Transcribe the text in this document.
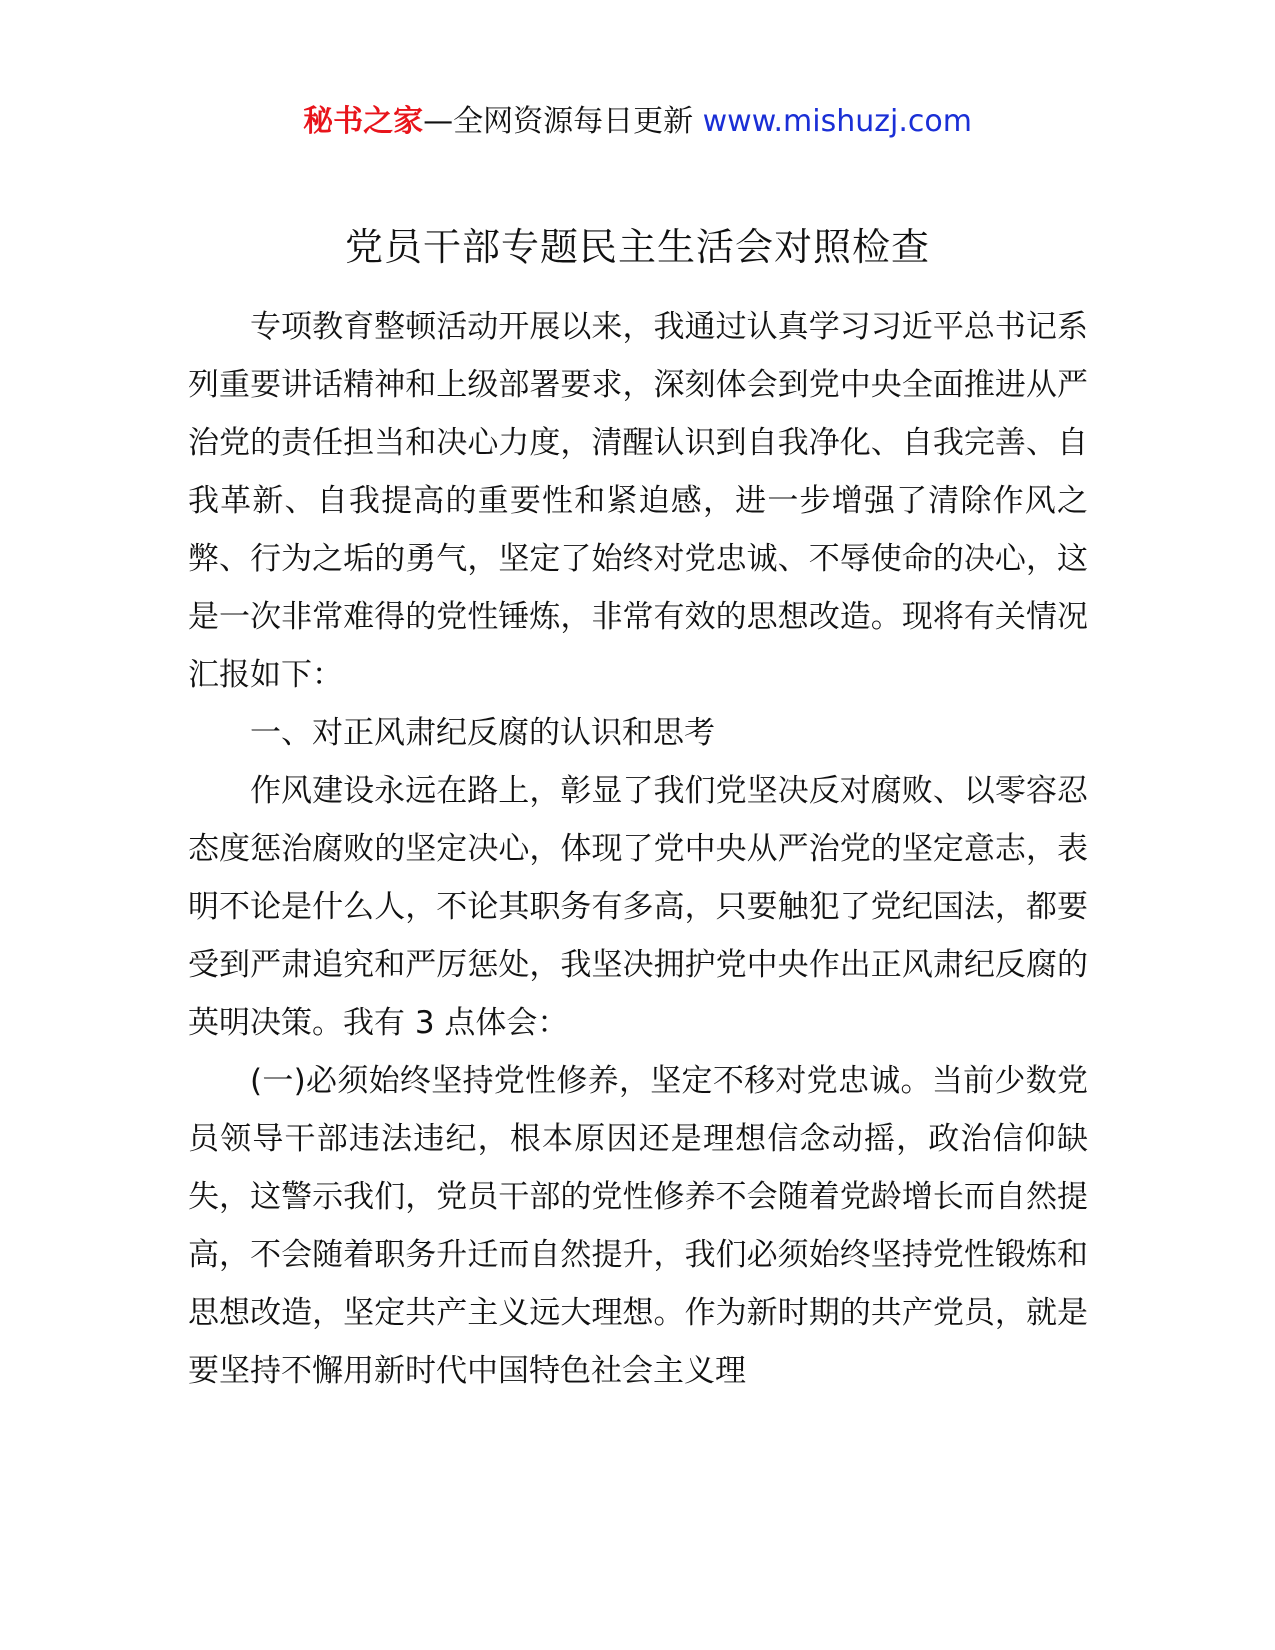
秘书之家—全网资源每日更新 www.mishuzj.com
党员干部专题民主生活会对照检查

专项教育整顿活动开展以来，我通过认真学习习近平总书记系列重要讲话精神和上级部署要求，深刻体会到党中央全面推进从严治党的责任担当和决心力度，清醒认识到自我净化、自我完善、自我革新、自我提高的重要性和紧迫感，进一步增强了清除作风之弊、行为之垢的勇气，坚定了始终对党忠诚、不辱使命的决心，这是一次非常难得的党性锤炼，非常有效的思想改造。现将有关情况汇报如下：

一、对正风肃纪反腐的认识和思考

作风建设永远在路上，彰显了我们党坚决反对腐败、以零容忍态度惩治腐败的坚定决心，体现了党中央从严治党的坚定意志，表明不论是什么人，不论其职务有多高，只要触犯了党纪国法，都要受到严肃追究和严厉惩处，我坚决拥护党中央作出正风肃纪反腐的英明决策。我有 3 点体会：

(一)必须始终坚持党性修养，坚定不移对党忠诚。当前少数党员领导干部违法违纪，根本原因还是理想信念动摇，政治信仰缺失，这警示我们，党员干部的党性修养不会随着党龄增长而自然提高，不会随着职务升迁而自然提升，我们必须始终坚持党性锻炼和思想改造，坚定共产主义远大理想。作为新时期的共产党员，就是要坚持不懈用新时代中国特色社会主义理
